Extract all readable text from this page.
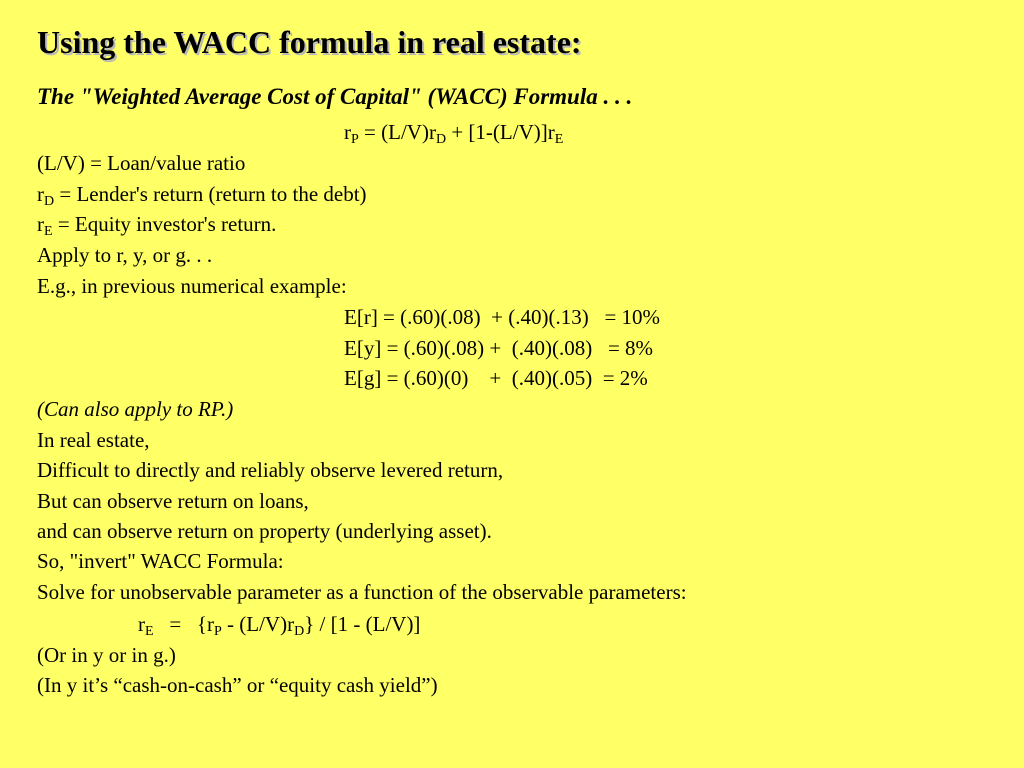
Using the WACC formula in real estate:
The "Weighted Average Cost of Capital" (WACC) Formula . . .
$r_P = (L/V)r_D + [1-(L/V)]r_E$
(L/V) = Loan/value ratio
$r_D$ = Lender's return (return to the debt)
$r_E$ = Equity investor's return.
Apply to r, y, or g. . .
E.g., in previous numerical example:
E[r] = (.60)(.08)  + (.40)(.13)   = 10%
E[y] = (.60)(.08) +  (.40)(.08)   = 8%
E[g] = (.60)(0)    +  (.40)(.05)  = 2%
(Can also apply to RP.)
In real estate,
Difficult to directly and reliably observe levered return,
But can observe return on loans,
and can observe return on property (underlying asset).
So, "invert" WACC Formula:
Solve for unobservable parameter as a function of the observable parameters:
$r_E = \{r_P - (L/V)r_D\} / [1 - (L/V)]$
(Or in y or in g.)
(In y it’s “cash-on-cash” or “equity cash yield”)
